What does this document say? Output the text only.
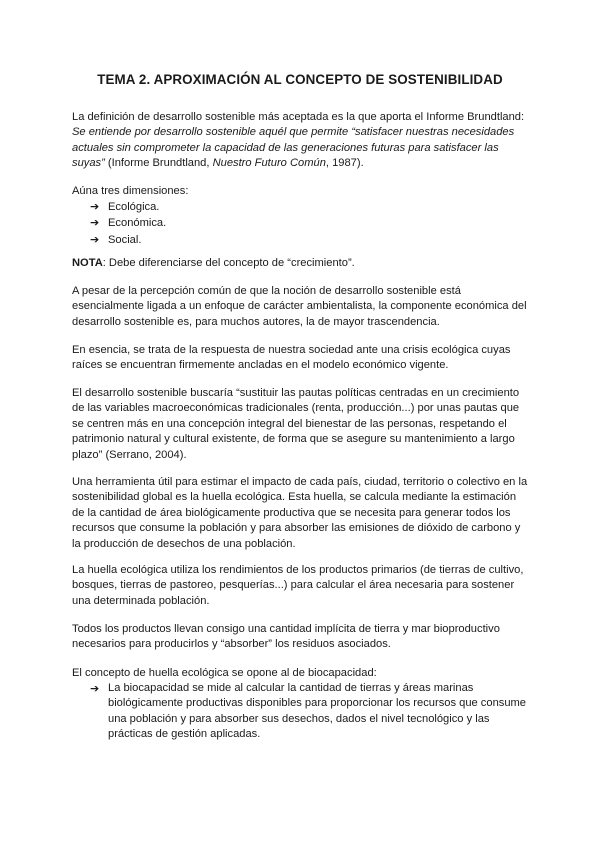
TEMA 2. APROXIMACIÓN AL CONCEPTO DE SOSTENIBILIDAD
La definición de desarrollo sostenible más aceptada es la que aporta el Informe Brundtland:
Se entiende por desarrollo sostenible aquél que permite “satisfacer nuestras necesidades
actuales sin comprometer la capacidad de las generaciones futuras para satisfacer las
suyas” (Informe Brundtland, Nuestro Futuro Común, 1987).
Aúna tres dimensiones:
➔ Ecológica.
➔ Económica.
➔ Social.
NOTA: Debe diferenciarse del concepto de “crecimiento”.
A pesar de la percepción común de que la noción de desarrollo sostenible está
esencialmente ligada a un enfoque de carácter ambientalista, la componente económica del
desarrollo sostenible es, para muchos autores, la de mayor trascendencia.
En esencia, se trata de la respuesta de nuestra sociedad ante una crisis ecológica cuyas
raíces se encuentran firmemente ancladas en el modelo económico vigente.
El desarrollo sostenible buscaría “sustituir las pautas políticas centradas en un crecimiento
de las variables macroeconómicas tradicionales (renta, producción...) por unas pautas que
se centren más en una concepción integral del bienestar de las personas, respetando el
patrimonio natural y cultural existente, de forma que se asegure su mantenimiento a largo
plazo” (Serrano, 2004).
Una herramienta útil para estimar el impacto de cada país, ciudad, territorio o colectivo en la
sostenibilidad global es la huella ecológica. Esta huella, se calcula mediante la estimación
de la cantidad de área biológicamente productiva que se necesita para generar todos los
recursos que consume la población y para absorber las emisiones de dióxido de carbono y
la producción de desechos de una población.
La huella ecológica utiliza los rendimientos de los productos primarios (de tierras de cultivo,
bosques, tierras de pastoreo, pesquerías...) para calcular el área necesaria para sostener
una determinada población.
Todos los productos llevan consigo una cantidad implícita de tierra y mar bioproductivo
necesarios para producirlos y “absorber” los residuos asociados.
El concepto de huella ecológica se opone al de biocapacidad:
➔ La biocapacidad se mide al calcular la cantidad de tierras y áreas marinas
biológicamente productivas disponibles para proporcionar los recursos que consume
una población y para absorber sus desechos, dados el nivel tecnológico y las
prácticas de gestión aplicadas.
